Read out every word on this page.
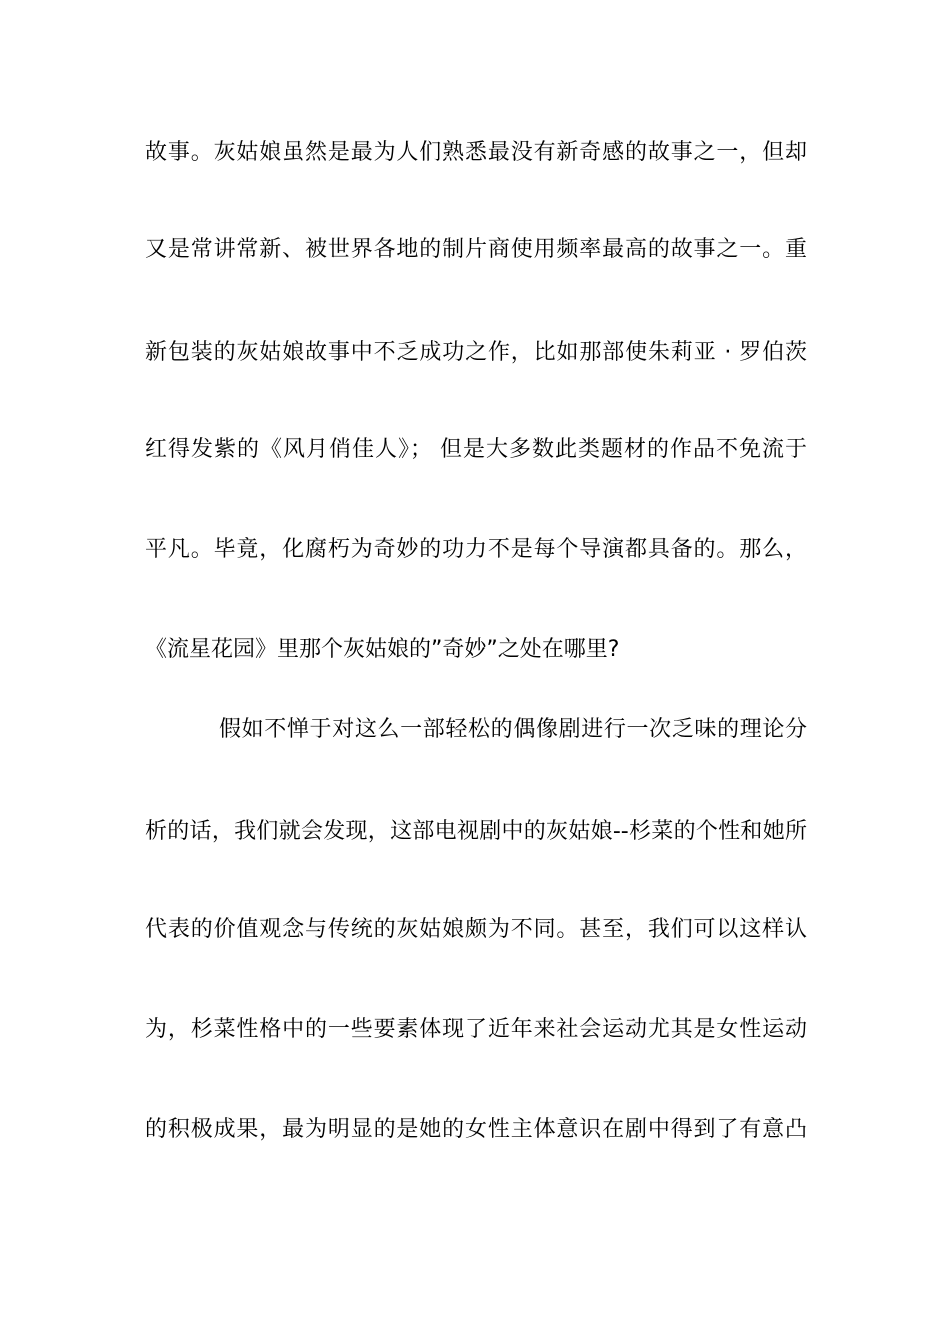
故事。灰姑娘虽然是最为人们熟悉最没有新奇感的故事之一，但却
又是常讲常新、被世界各地的制片商使用频率最高的故事之一。重
新包装的灰姑娘故事中不乏成功之作，比如那部使朱莉亚 · 罗伯茨
红得发紫的《风月俏佳人》； 但是大多数此类题材的作品不免流于
平凡。毕竟，化腐朽为奇妙的功力不是每个导演都具备的。那么，
《流星花园》里那个灰姑娘的”奇妙”之处在哪里?
假如不惮于对这么一部轻松的偶像剧进行一次乏味的理论分
析的话，我们就会发现，这部电视剧中的灰姑娘--杉菜的个性和她所
代表的价值观念与传统的灰姑娘颇为不同。甚至，我们可以这样认
为，杉菜性格中的一些要素体现了近年来社会运动尤其是女性运动
的积极成果，最为明显的是她的女性主体意识在剧中得到了有意凸
